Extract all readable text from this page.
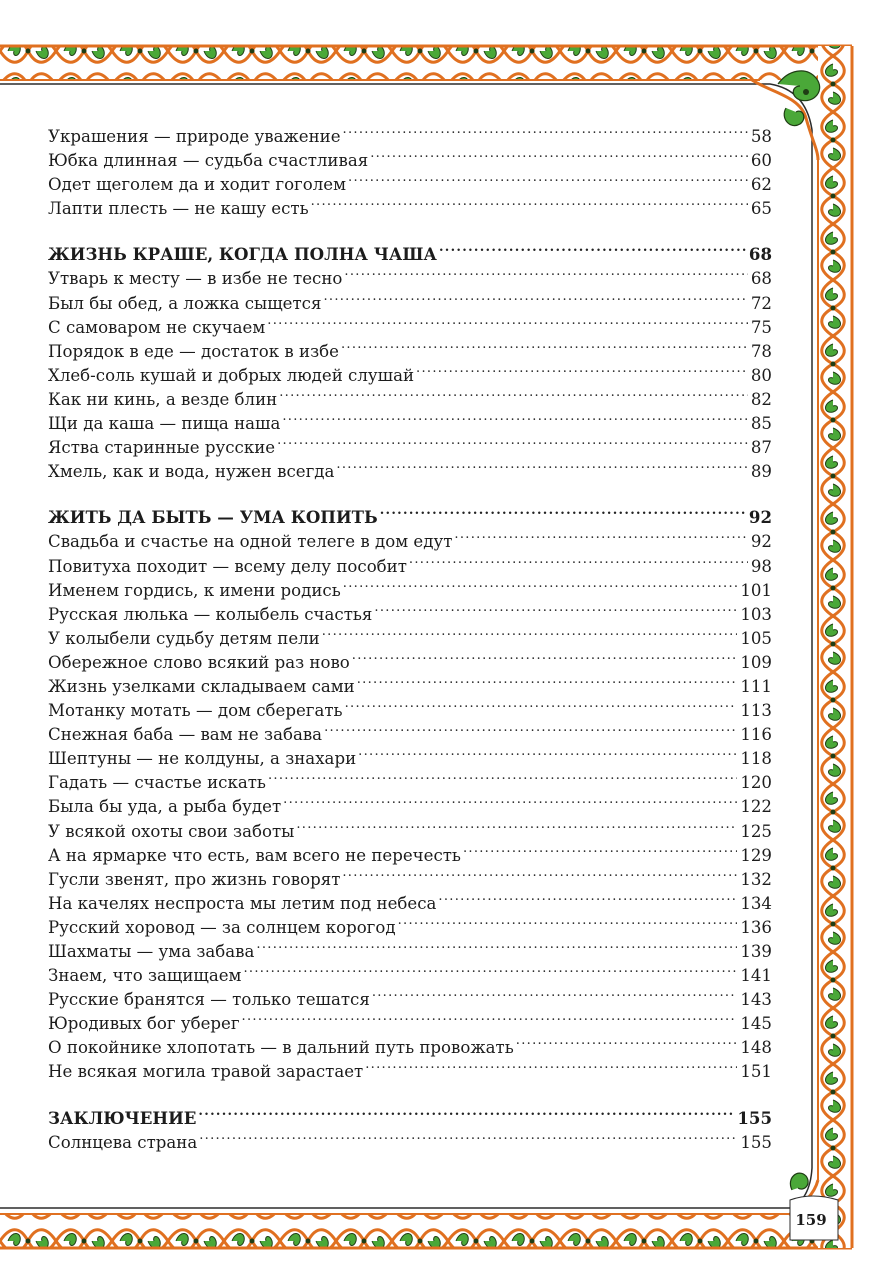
Украшения — природе уважение .....	58
Юбка длинная — судьба счастливая .....	60
Одет щеголем да и ходит гоголем .....	62
Лапти плесть — не кашу есть .....	65
ЖИЗНЬ КРАШЕ, КОГДА ПОЛНА ЧАША .....	68
Утварь к месту — в избе не тесно .....	68
Был бы обед, а ложка сыщется .....	72
С самоваром не скучаем .....	75
Порядок в еде — достаток в избе .....	78
Хлеб-соль кушай и добрых людей слушай .....	80
Как ни кинь, а везде блин .....	82
Щи да каша — пища наша .....	85
Яства старинные русские .....	87
Хмель, как и вода, нужен всегда .....	89
ЖИТЬ ДА БЫТЬ — УМА КОПИТЬ .....	92
Свадьба и счастье на одной телеге в дом едут .....	92
Повитуха походит — всему делу пособит .....	98
Именем гордись, к имени родись .....	101
Русская люлька — колыбель счастья .....	103
У колыбели судьбу детям пели .....	105
Обережное слово всякий раз ново .....	109
Жизнь узелками складываем сами .....	111
Мотанку мотать — дом сберегать .....	113
Снежная баба — вам не забава .....	116
Шептуны — не колдуны, а знахари .....	118
Гадать — счастье искать .....	120
Была бы уда, а рыба будет .....	122
У всякой охоты свои заботы .....	125
А на ярмарке что есть, вам всего не перечесть .....	129
Гусли звенят, про жизнь говорят .....	132
На качелях неспроста мы летим под небеса .....	134
Русский хоровод — за солнцем корогод .....	136
Шахматы — ума забава .....	139
Знаем, что защищаем .....	141
Русские бранятся — только тешатся .....	143
Юродивых бог уберег .....	145
О покойнике хлопотать — в дальний путь провожать .....	148
Не всякая могила травой зарастает .....	151
ЗАКЛЮЧЕНИЕ .....	155
Солнцева страна .....	155
159
